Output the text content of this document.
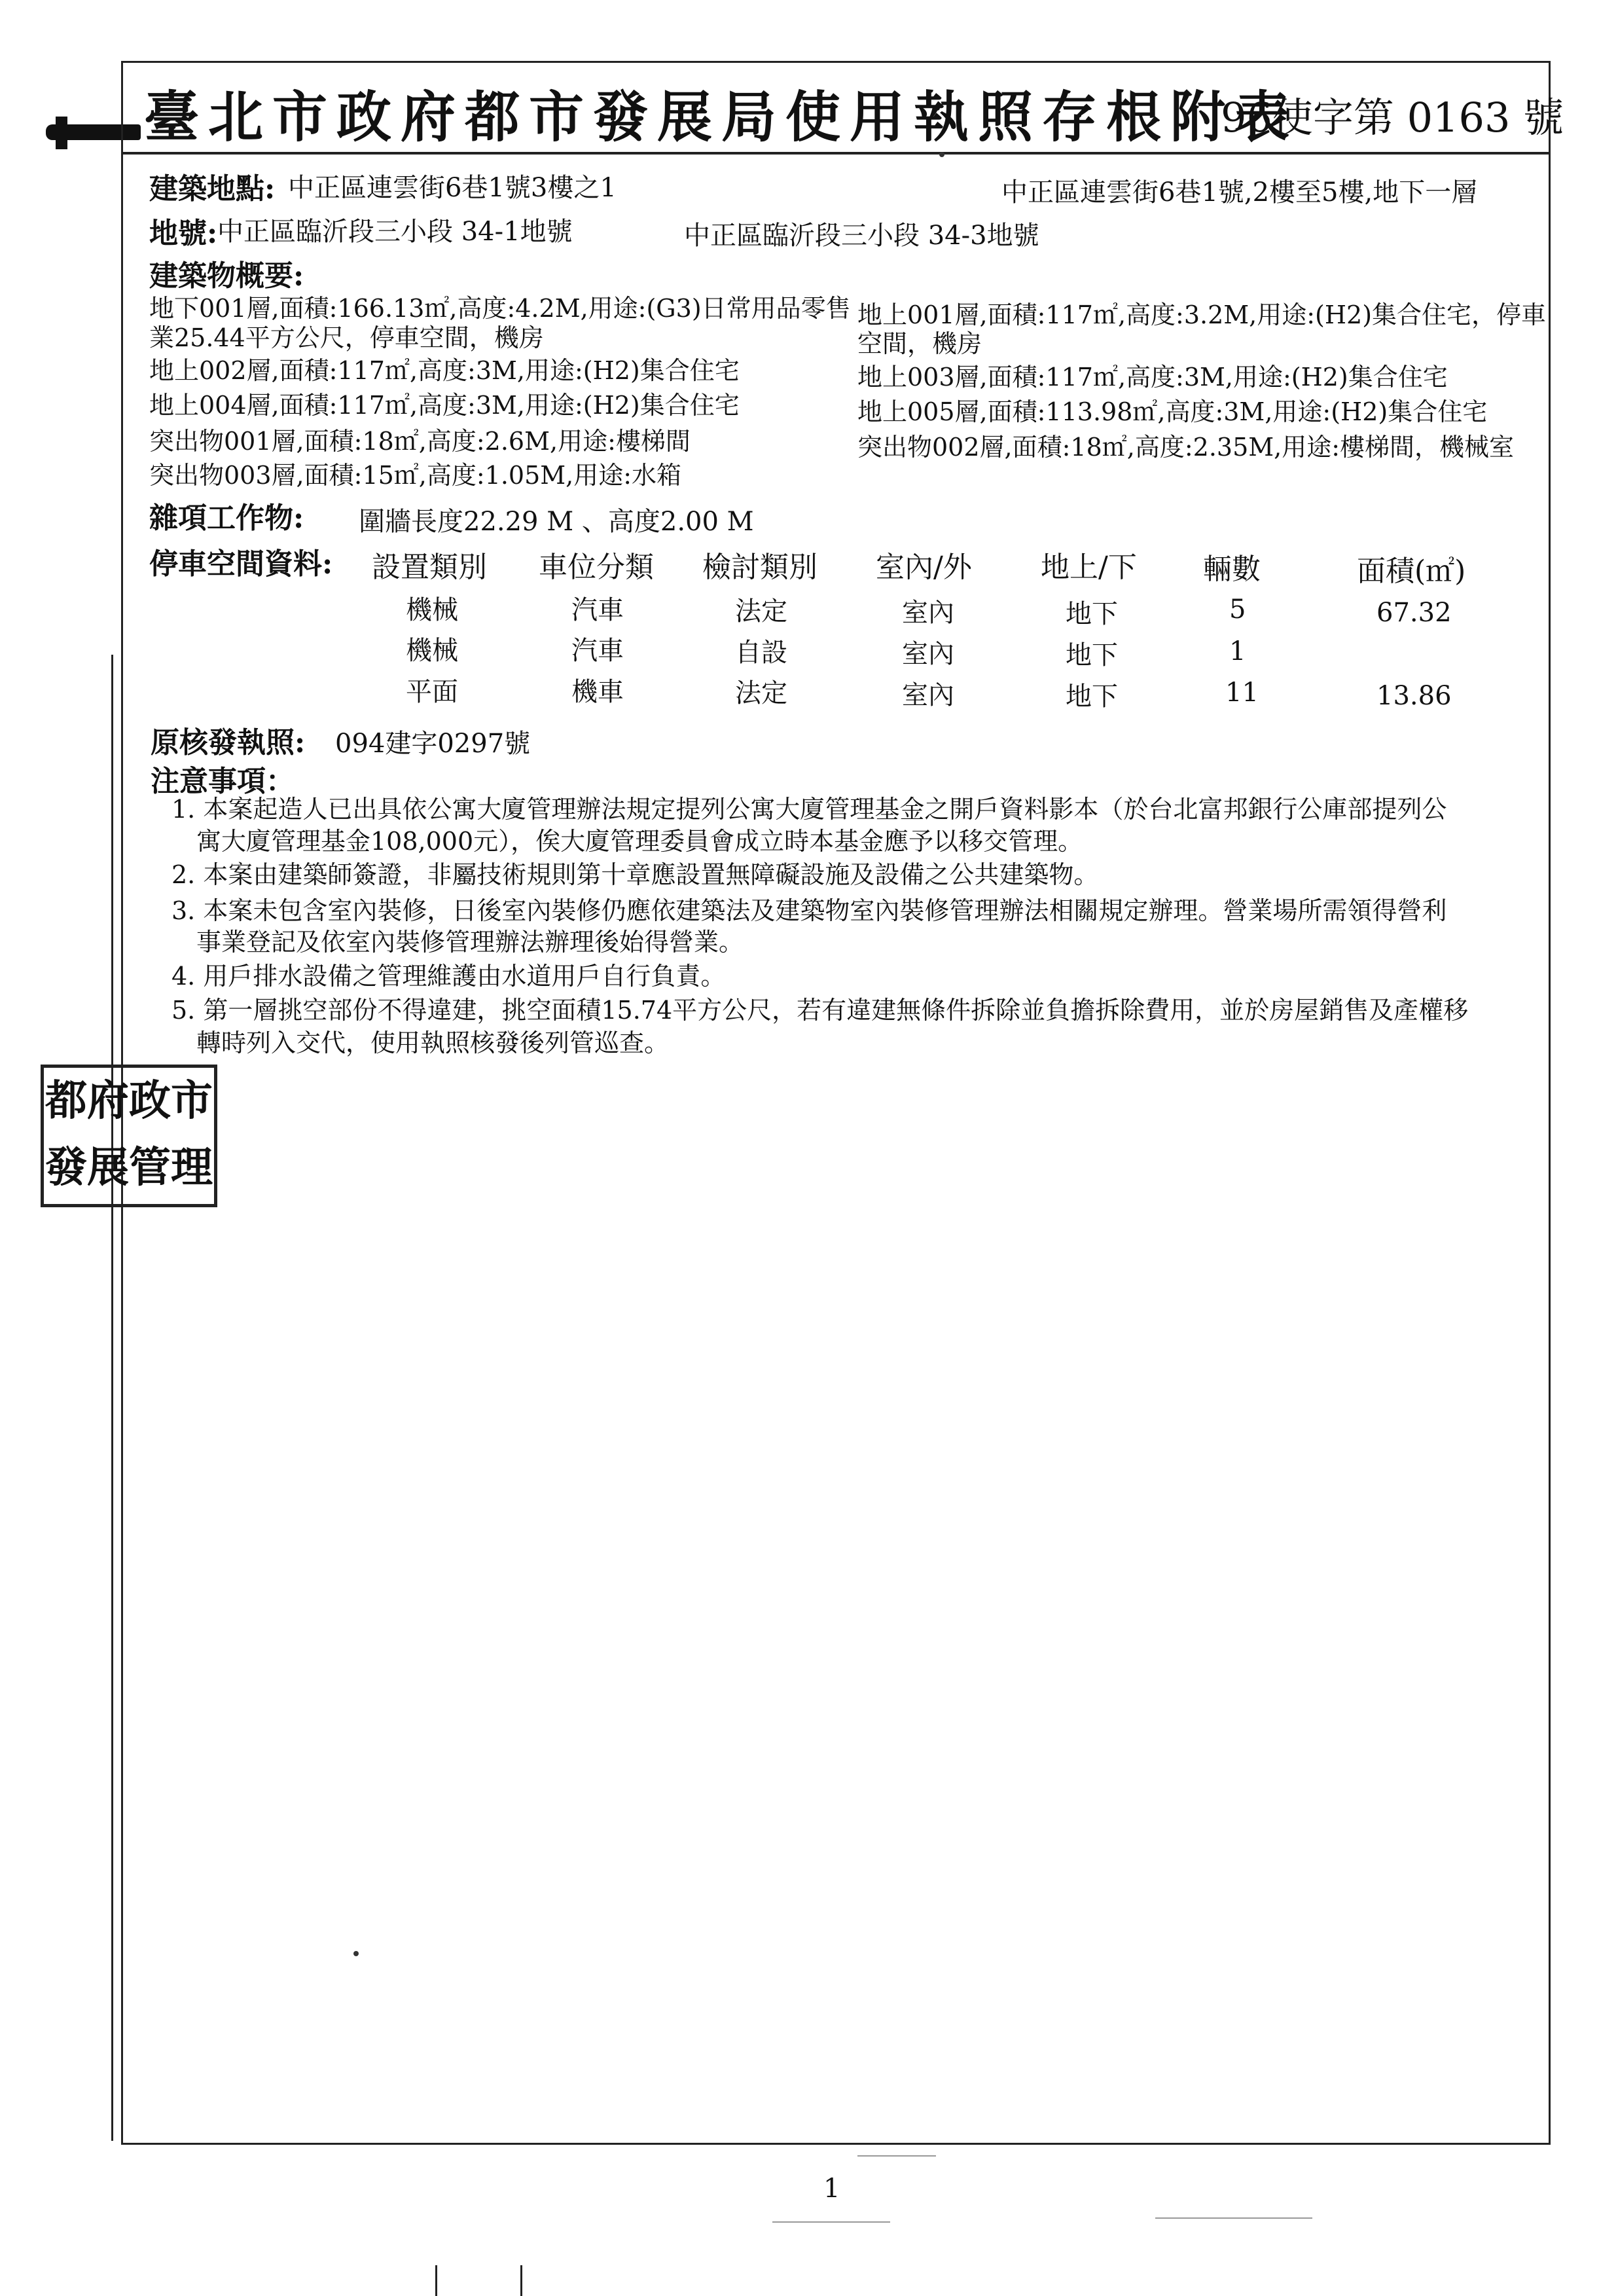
臺北市政府都市發展局使用執照存根附表
96使字第 0163 號
建築地點: 中正區連雲街6巷1號3樓之1	中正區連雲街6巷1號,2樓至5樓,地下一層
地號: 中正區臨沂段三小段 34-1地號	中正區臨沂段三小段 34-3地號
建築物概要:
地下001層,面積:166.13㎡,高度:4.2M,用途:(G3)日常用品零售
業25.44平方公尺，停車空間，機房
地上002層,面積:117㎡,高度:3M,用途:(H2)集合住宅
地上004層,面積:117㎡,高度:3M,用途:(H2)集合住宅
突出物001層,面積:18㎡,高度:2.6M,用途:樓梯間
突出物003層,面積:15㎡,高度:1.05M,用途:水箱
地上001層,面積:117㎡,高度:3.2M,用途:(H2)集合住宅，停車
空間，機房
地上003層,面積:117㎡,高度:3M,用途:(H2)集合住宅
地上005層,面積:113.98㎡,高度:3M,用途:(H2)集合住宅
突出物002層,面積:18㎡,高度:2.35M,用途:樓梯間，機械室
雜項工作物: 圍牆長度22.29 M 、高度2.00 M
停車空間資料: 設置類別 車位分類 檢討類別 室內/外 地上/下 輛數	面積(㎡)
機械	汽車	法定	室內	地下	5	67.32
機械	汽車	自設	室內	地下	1
平面	機車	法定	室內	地下	11	13.86
原核發執照: 094建字0297號
注意事項：
1. 本案起造人已出具依公寓大廈管理辦法規定提列公寓大廈管理基金之開戶資料影本（於台北富邦銀行公庫部提列公
寓大廈管理基金108,000元），俟大廈管理委員會成立時本基金應予以移交管理。
2. 本案由建築師簽證，非屬技術規則第十章應設置無障礙設施及設備之公共建築物。
3. 本案未包含室內裝修，日後室內裝修仍應依建築法及建築物室內裝修管理辦法相關規定辦理。營業場所需領得營利
事業登記及依室內裝修管理辦法辦理後始得營業。
4. 用戶排水設備之管理維護由水道用戶自行負責。
5. 第一層挑空部份不得違建，挑空面積15.74平方公尺，若有違建無條件拆除並負擔拆除費用，並於房屋銷售及產權移
轉時列入交代，使用執照核發後列管巡查。
都 府 政 市
發 展 管 理
1
